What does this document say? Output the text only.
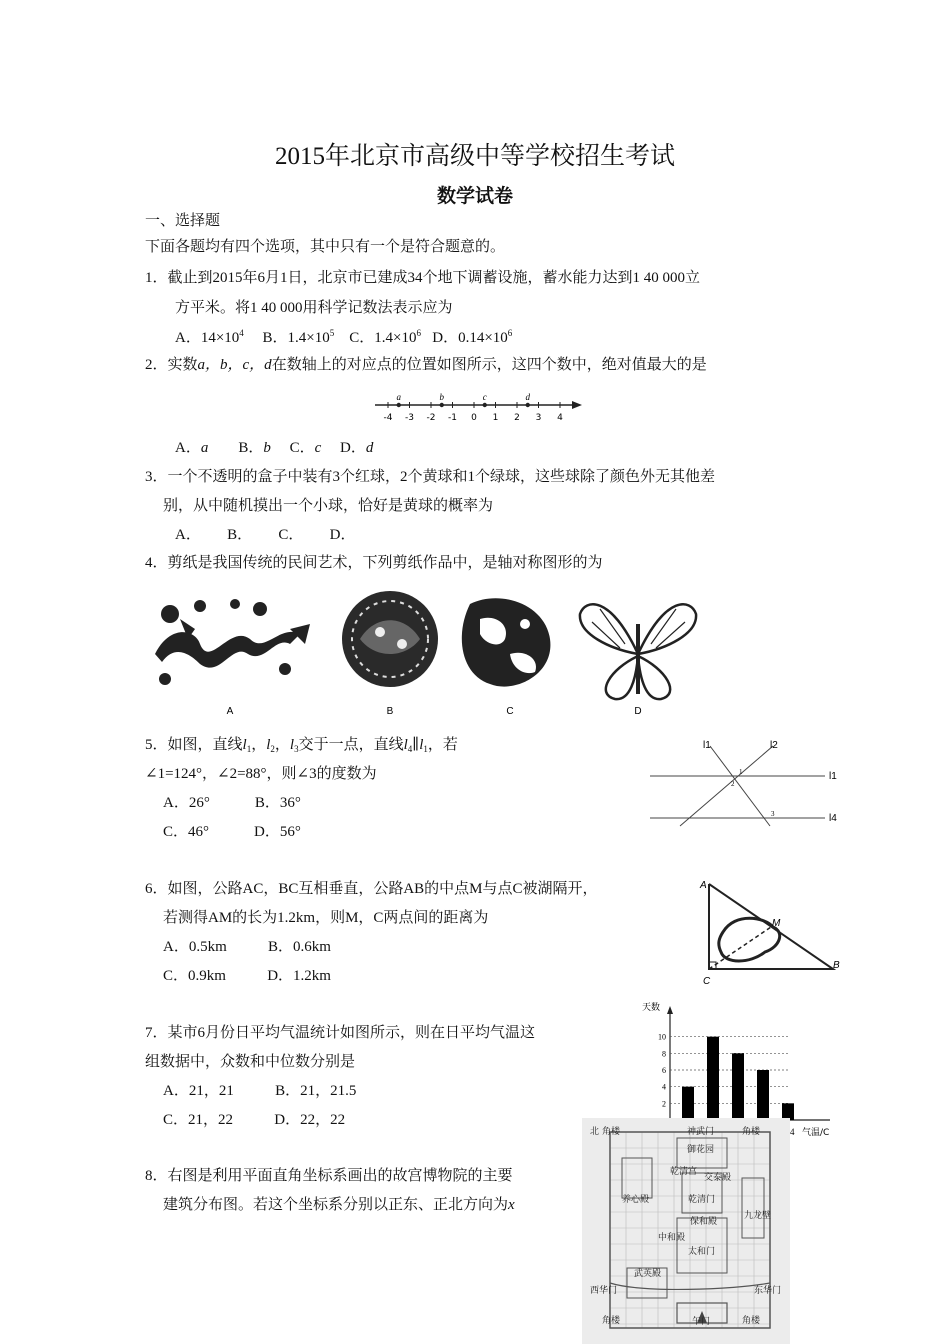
2015年北京市高级中等学校招生考试
数学试卷
一、选择题
下面各题均有四个选项，其中只有一个是符合题意的。
1．截止到2015年6月1日，北京市已建成34个地下调蓄设施，蓄水能力达到1 40 000立
方平米。将1 40 000用科学记数法表示应为
A．$14\times 10^4$ B．$1.4\times 10^5$ C．$1.4\times 10^6$ D．$0.14\times 10^6$
2．实数a，b，c，d在数轴上的对应点的位置如图所示，这四个数中，绝对值最大的是
-4 -3 -2 -1 0 1 2 3 4
a	b	c	d
A．a B．b C．c D．d
3．一个不透明的盒子中装有3个红球，2个黄球和1个绿球，这些球除了颜色外无其他差
别，从中随机摸出一个小球，恰好是黄球的概率为
A． B． C． D．
4．剪纸是我国传统的民间艺术，下列剪纸作品中，是轴对称图形的为
A	B	C	D
5．如图，直线$l_1$，$l_2$，$l_3$交于一点，直线$l_4\parallel l_1$，若
∠1=124°，∠2=88°，则∠3的度数为
A．26°	B．36°
C．46°	D．56°
l1	l2
l1
l4
1
2
3
6．如图，公路AC，BC互相垂直，公路AB的中点M与点C被湖隔开，
若测得AM的长为1.2km，则M，C两点间的距离为
A．0.5km	B．0.6km
C．0.9km	D．1.2km
A
M
B
C
7．某市6月份日平均气温统计如图所示，则在日平均气温这
组数据中，众数和中位数分别是
A．21，21	B．21，21.5
C．21，22	D．22，22
天数
2
4
6
8
10
4 气温/C
8．右图是利用平面直角坐标系画出的故宫博物院的主要
建筑分布图。若这个坐标系分别以正东、正北方向为x
北 角楼	神武门	角楼
御花园
乾清宫
交泰殿
养心殿	乾清门
保和殿
九龙壁
中和殿
太和门
武英殿
西华门	东华门
角楼	午门	角楼
